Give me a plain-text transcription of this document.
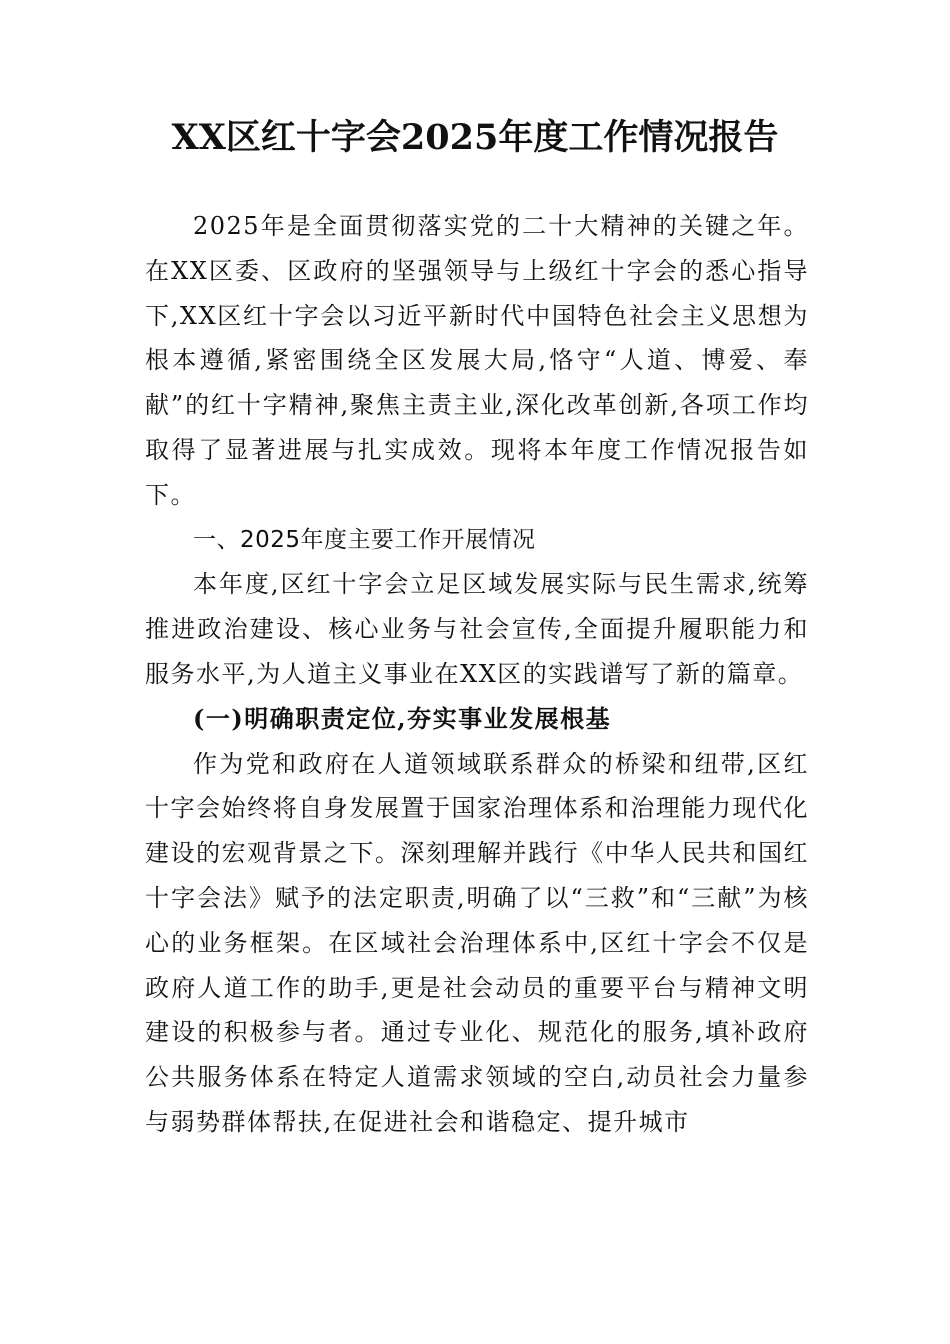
XX区红十字会2025年度工作情况报告

2025年是全面贯彻落实党的二十大精神的关键之年。在XX区委、区政府的坚强领导与上级红十字会的悉心指导下,XX区红十字会以习近平新时代中国特色社会主义思想为根本遵循,紧密围绕全区发展大局,恪守“人道、博爱、奉献”的红十字精神,聚焦主责主业,深化改革创新,各项工作均取得了显著进展与扎实成效。现将本年度工作情况报告如下。

一、2025年度主要工作开展情况

本年度,区红十字会立足区域发展实际与民生需求,统筹推进政治建设、核心业务与社会宣传,全面提升履职能力和服务水平,为人道主义事业在XX区的实践谱写了新的篇章。

(一)明确职责定位,夯实事业发展根基

作为党和政府在人道领域联系群众的桥梁和纽带,区红十字会始终将自身发展置于国家治理体系和治理能力现代化建设的宏观背景之下。深刻理解并践行《中华人民共和国红十字会法》赋予的法定职责,明确了以“三救”和“三献”为核心的业务框架。在区域社会治理体系中,区红十字会不仅是政府人道工作的助手,更是社会动员的重要平台与精神文明建设的积极参与者。通过专业化、规范化的服务,填补政府公共服务体系在特定人道需求领域的空白,动员社会力量参与弱势群体帮扶,在促进社会和谐稳定、提升城市
